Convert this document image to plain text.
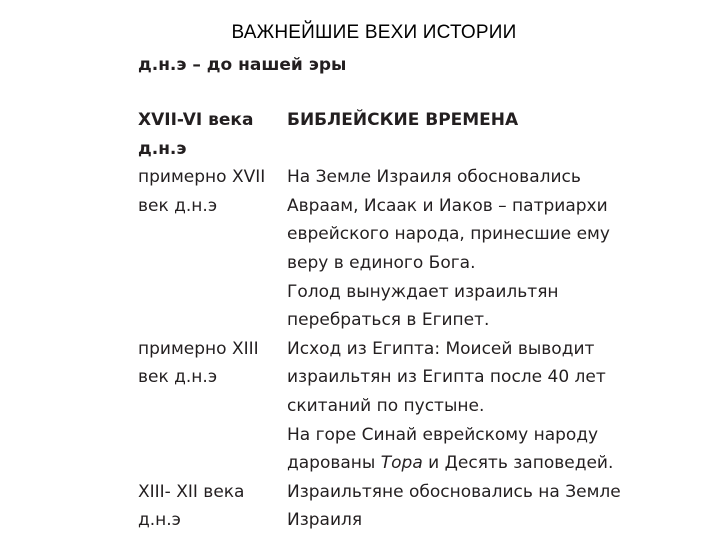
ВАЖНЕЙШИЕ ВЕХИ ИСТОРИИ
д.н.э – до нашей эры
XVII-VI века
д.н.э
БИБЛЕЙСКИЕ ВРЕМЕНА
примерно XVII
век д.н.э
На Земле Израиля обосновались
Авраам, Исаак и Иаков – патриархи
еврейского народа, принесшие ему
веру в единого Бога.
Голод вынуждает израильтян
перебраться в Египет.
примерно XIII
век д.н.э
Исход из Египта: Моисей выводит
израильтян из Египта после 40 лет
скитаний по пустыне.
На горе Синай еврейскому народу
дарованы Тора и Десять заповедей.
XIII- XII века
д.н.э
Израильтяне обосновались на Земле
Израиля
